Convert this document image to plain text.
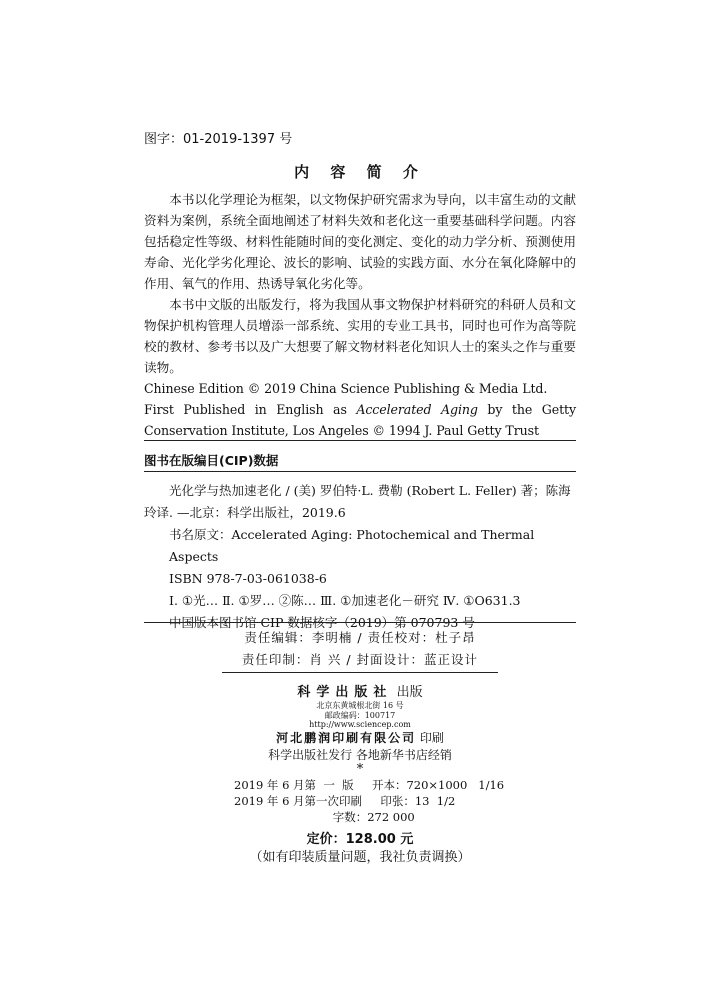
图字：01-2019-1397 号
内 容 简 介

本书以化学理论为框架，以文物保护研究需求为导向，以丰富生动的文献资料为案例，系统全面地阐述了材料失效和老化这一重要基础科学问题。内容包括稳定性等级、材料性能随时间的变化测定、变化的动力学分析、预测使用寿命、光化学劣化理论、波长的影响、试验的实践方面、水分在氧化降解中的作用、氧气的作用、热诱导氧化劣化等。

本书中文版的出版发行，将为我国从事文物保护材料研究的科研人员和文物保护机构管理人员增添一部系统、实用的专业工具书，同时也可作为高等院校的教材、参考书以及广大想要了解文物材料老化知识人士的案头之作与重要读物。

Chinese Edition © 2019 China Science Publishing & Media Ltd.

First Published in English as Accelerated Aging by the Getty Conservation Institute, Los Angeles © 1994 J. Paul Getty Trust

图书在版编目(CIP)数据

光化学与热加速老化 / (美) 罗伯特·L. 费勒 (Robert L. Feller) 著；陈海玲译. —北京：科学出版社，2019.6

书名原文：Accelerated Aging: Photochemical and Thermal Aspects

ISBN 978-7-03-061038-6

Ⅰ. ①光… Ⅱ. ①罗… ②陈… Ⅲ. ①加速老化－研究 Ⅳ. ①O631.3

中国版本图书馆 CIP 数据核字（2019）第 070793 号

责任编辑：李明楠 / 责任校对：杜子昂
责任印制：肖 兴 / 封面设计：蓝正设计
科学出版社 出版
北京东黄城根北街 16 号
邮政编码：100717
http://www.sciencep.com
河北鹏润印刷有限公司 印刷
科学出版社发行 各地新华书店经销
*
2019 年 6 月第  一  版     开本：720×1000   1/16
2019 年 6 月第一次印刷     印张：13  1/2
字数：272 000
定价：128.00 元
（如有印装质量问题，我社负责调换）
